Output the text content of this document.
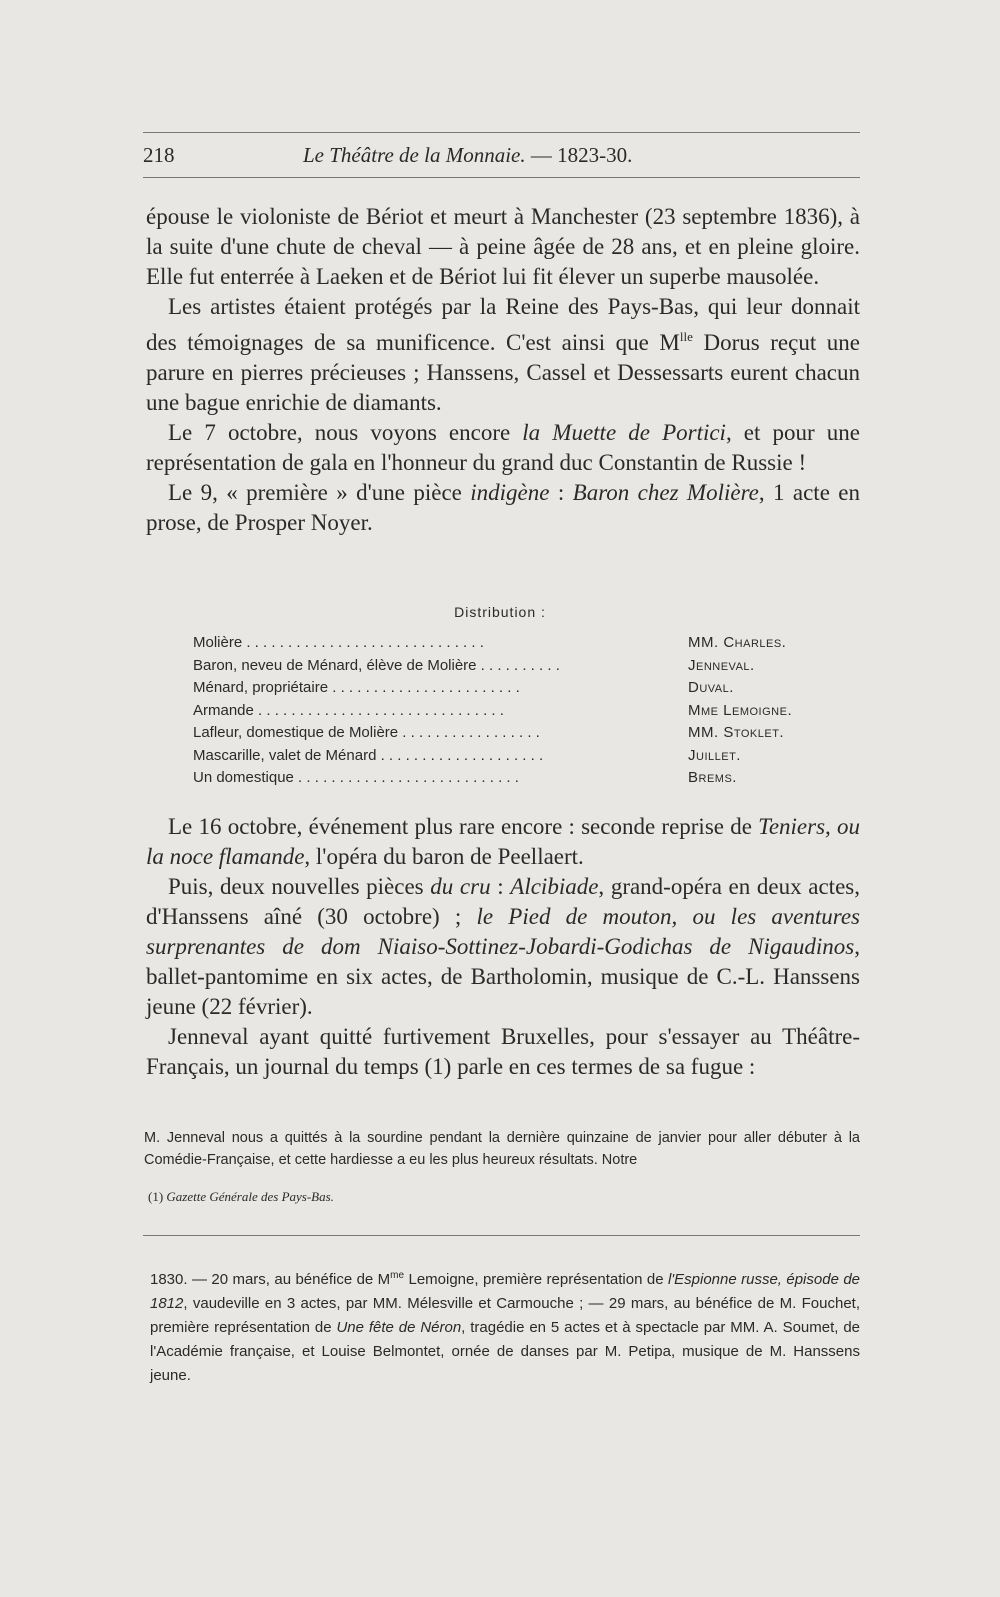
218	Le Théâtre de la Monnaie. — 1823-30.

épouse le violoniste de Bériot et meurt à Manchester (23 septembre 1836), à la suite d'une chute de cheval — à peine âgée de 28 ans, et en pleine gloire. Elle fut enterrée à Laeken et de Bériot lui fit élever un superbe mausolée.

Les artistes étaient protégés par la Reine des Pays-Bas, qui leur donnait des témoignages de sa munificence. C'est ainsi que $M^{lle}$ Dorus reçut une parure en pierres précieuses ; Hanssens, Cassel et Dessessarts eurent chacun une bague enrichie de diamants.

Le 7 octobre, nous voyons encore la Muette de Portici, et pour une représentation de gala en l'honneur du grand duc Constantin de Russie !

Le 9, « première » d'une pièce indigène : Baron chez Molière, 1 acte en prose, de Prosper Noyer.

Distribution :
Molière . . . . . . . . . . . . . . . . . . . . . . . . . . . . .	MM. Charles.
Baron, neveu de Ménard, élève de Molière . . . . . . . . . .	Jenneval.
Ménard, propriétaire . . . . . . . . . . . . . . . . . . . . . . .	Duval.
Armande . . . . . . . . . . . . . . . . . . . . . . . . . . . . . .	Mme Lemoigne.
Lafleur, domestique de Molière . . . . . . . . . . . . . . . . .	MM. Stoklet.
Mascarille, valet de Ménard . . . . . . . . . . . . . . . . . . . .	Juillet.
Un domestique . . . . . . . . . . . . . . . . . . . . . . . . . . .	Brems.

Le 16 octobre, événement plus rare encore : seconde reprise de Teniers, ou la noce flamande, l'opéra du baron de Peellaert.

Puis, deux nouvelles pièces du cru : Alcibiade, grand-opéra en deux actes, d'Hanssens aîné (30 octobre) ; le Pied de mouton, ou les aventures surprenantes de dom Niaiso-Sottinez-Jobardi-Godichas de Nigaudinos, ballet-pantomime en six actes, de Bartholomin, musique de C.-L. Hanssens jeune (22 février).

Jenneval ayant quitté furtivement Bruxelles, pour s'essayer au Théâtre-Français, un journal du temps (1) parle en ces termes de sa fugue :

M. Jenneval nous a quittés à la sourdine pendant la dernière quinzaine de janvier pour aller débuter à la Comédie-Française, et cette hardiesse a eu les plus heureux résultats. Notre
(1) Gazette Générale des Pays-Bas.
1830. — 20 mars, au bénéfice de $M^{me}$ Lemoigne, première représentation de l'Espionne russe, épisode de 1812, vaudeville en 3 actes, par MM. Mélesville et Carmouche ; — 29 mars, au bénéfice de M. Fouchet, première représentation de Une fête de Néron, tragédie en 5 actes et à spectacle par MM. A. Soumet, de l'Académie française, et Louise Belmontet, ornée de danses par M. Petipa, musique de M. Hanssens jeune.
